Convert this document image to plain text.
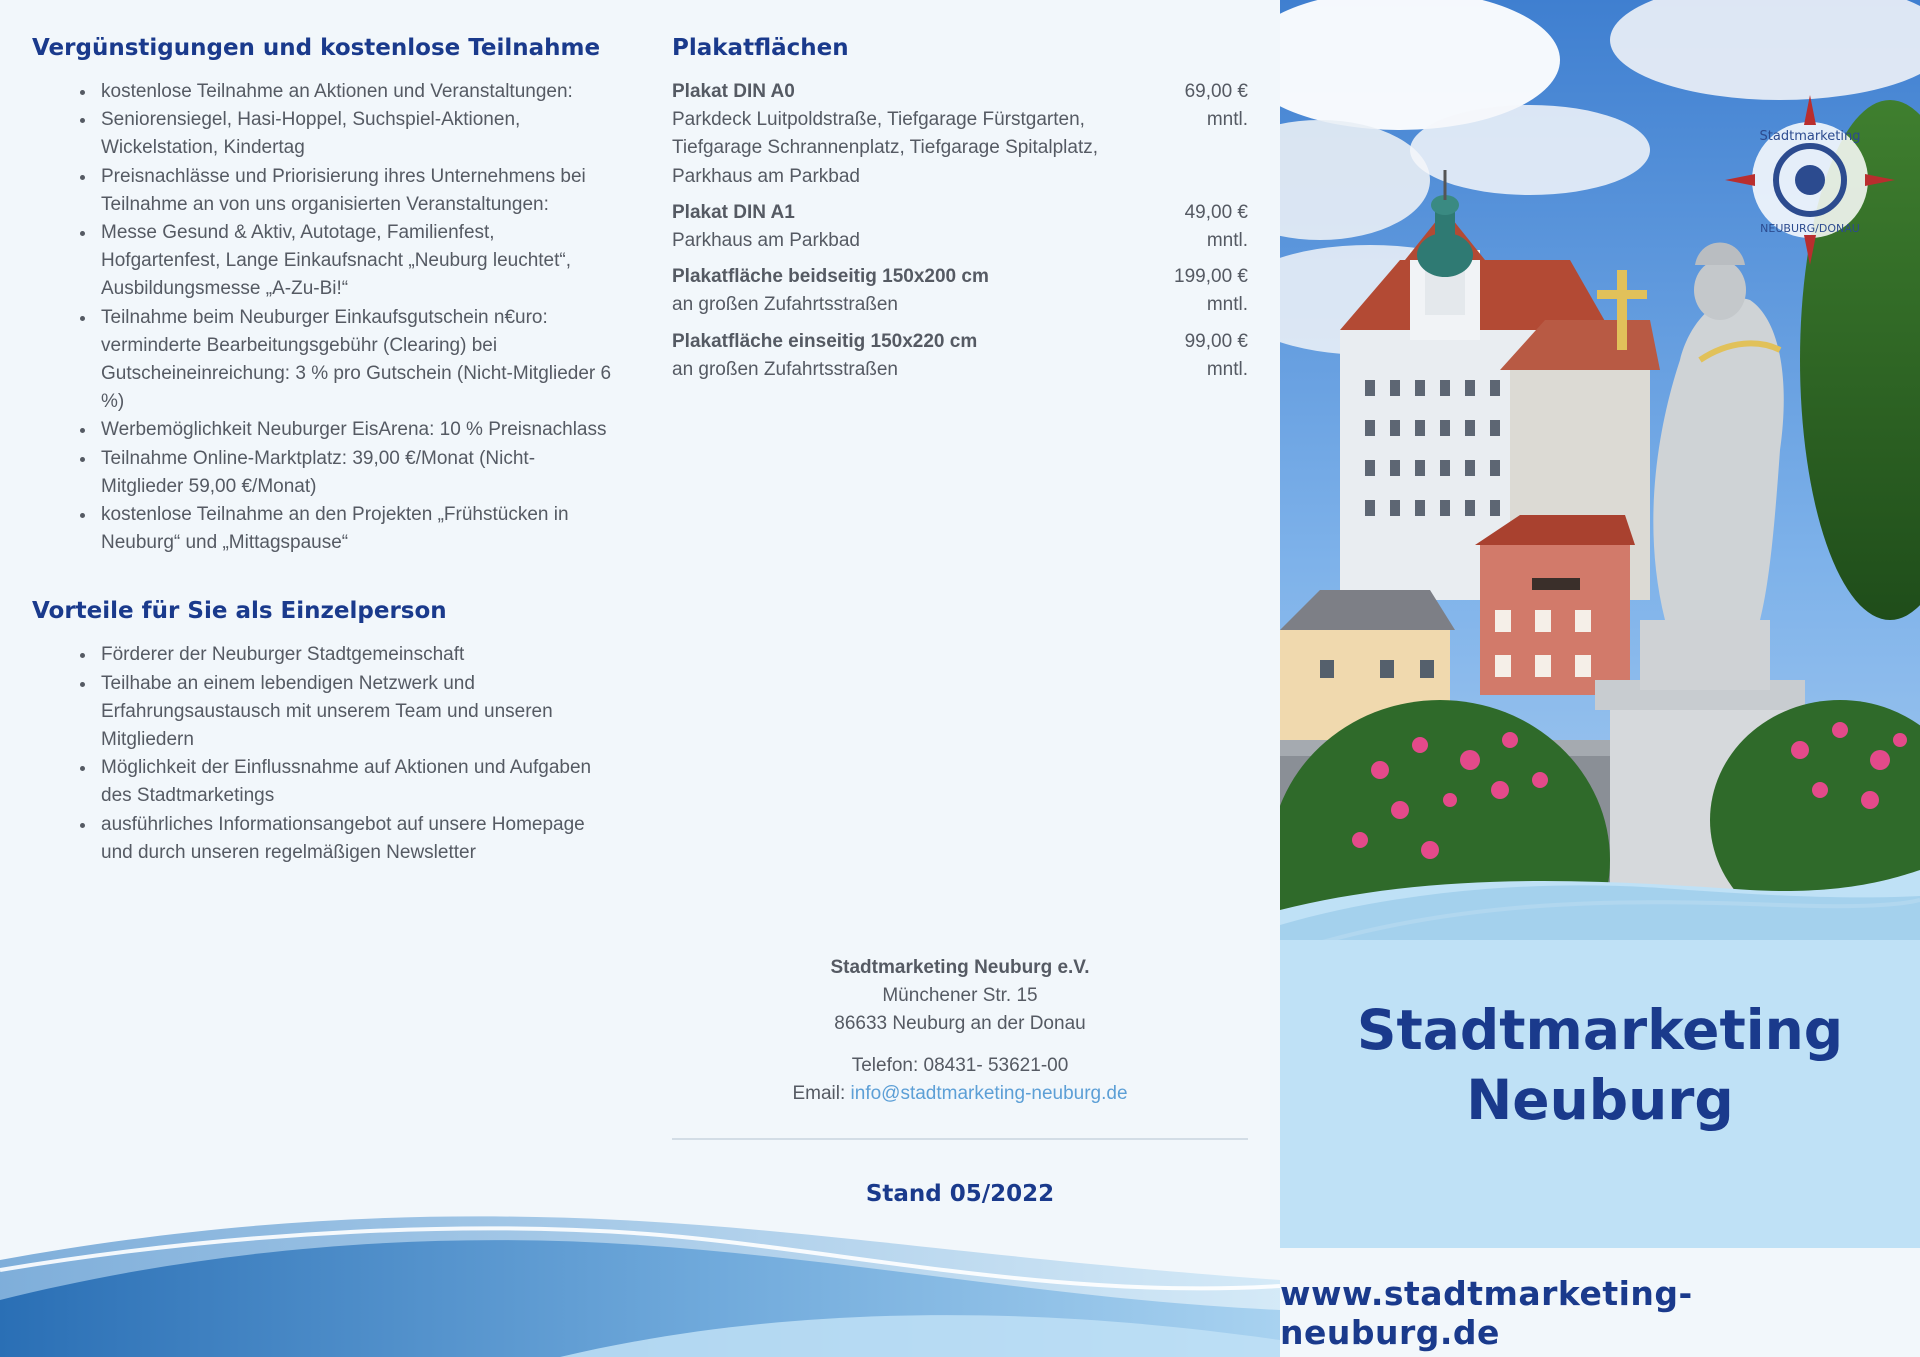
Vergünstigungen und kostenlose Teilnahme
kostenlose Teilnahme an Aktionen und Veranstaltungen:
Seniorensiegel, Hasi-Hoppel, Suchspiel-Aktionen, Wickelstation, Kindertag
Preisnachlässe und Priorisierung ihres Unternehmens bei Teilnahme an von uns organisierten Veranstaltungen:
Messe Gesund & Aktiv, Autotage, Familienfest, Hofgartenfest, Lange Einkaufsnacht „Neuburg leuchtet“, Ausbildungsmesse „A-Zu-Bi!“
Teilnahme beim Neuburger Einkaufsgutschein n€uro: verminderte Bearbeitungsgebühr (Clearing) bei Gutscheineinreichung: 3 % pro Gutschein (Nicht-Mitglieder 6 %)
Werbemöglichkeit Neuburger EisArena: 10 % Preisnachlass
Teilnahme Online-Marktplatz: 39,00 €/Monat (Nicht-Mitglieder 59,00 €/Monat)
kostenlose Teilnahme an den Projekten „Frühstücken in Neuburg“ und „Mittagspause“
Vorteile für Sie als Einzelperson
Förderer der Neuburger Stadtgemeinschaft
Teilhabe an einem lebendigen Netzwerk und Erfahrungsaustausch mit unserem Team und unseren Mitgliedern
Möglichkeit der Einflussnahme auf Aktionen und Aufgaben des Stadtmarketings
ausführliches Informationsangebot auf unsere Homepage und durch unseren regelmäßigen Newsletter
Plakatflächen
Plakat DIN A0
Parkdeck Luitpoldstraße, Tiefgarage Fürstgarten, Tiefgarage Schrannenplatz, Tiefgarage Spitalplatz, Parkhaus am Parkbad
69,00 €
mntl.
Plakat DIN A1
Parkhaus am Parkbad
49,00 €
mntl.
Plakatfläche beidseitig 150x200 cm
an großen Zufahrtsstraßen
199,00 €
mntl.
Plakatfläche einseitig 150x220 cm
an großen Zufahrtsstraßen
99,00 €
mntl.
Stadtmarketing Neuburg e.V.
Münchener Str. 15
86633 Neuburg an der Donau
Telefon: 08431- 53621-00
Email: info@stadtmarketing-neuburg.de
Stand 05/2022
Stadtmarketing
NEUBURG/DONAU
Stadtmarketing
Neuburg
www.stadtmarketing-neuburg.de
